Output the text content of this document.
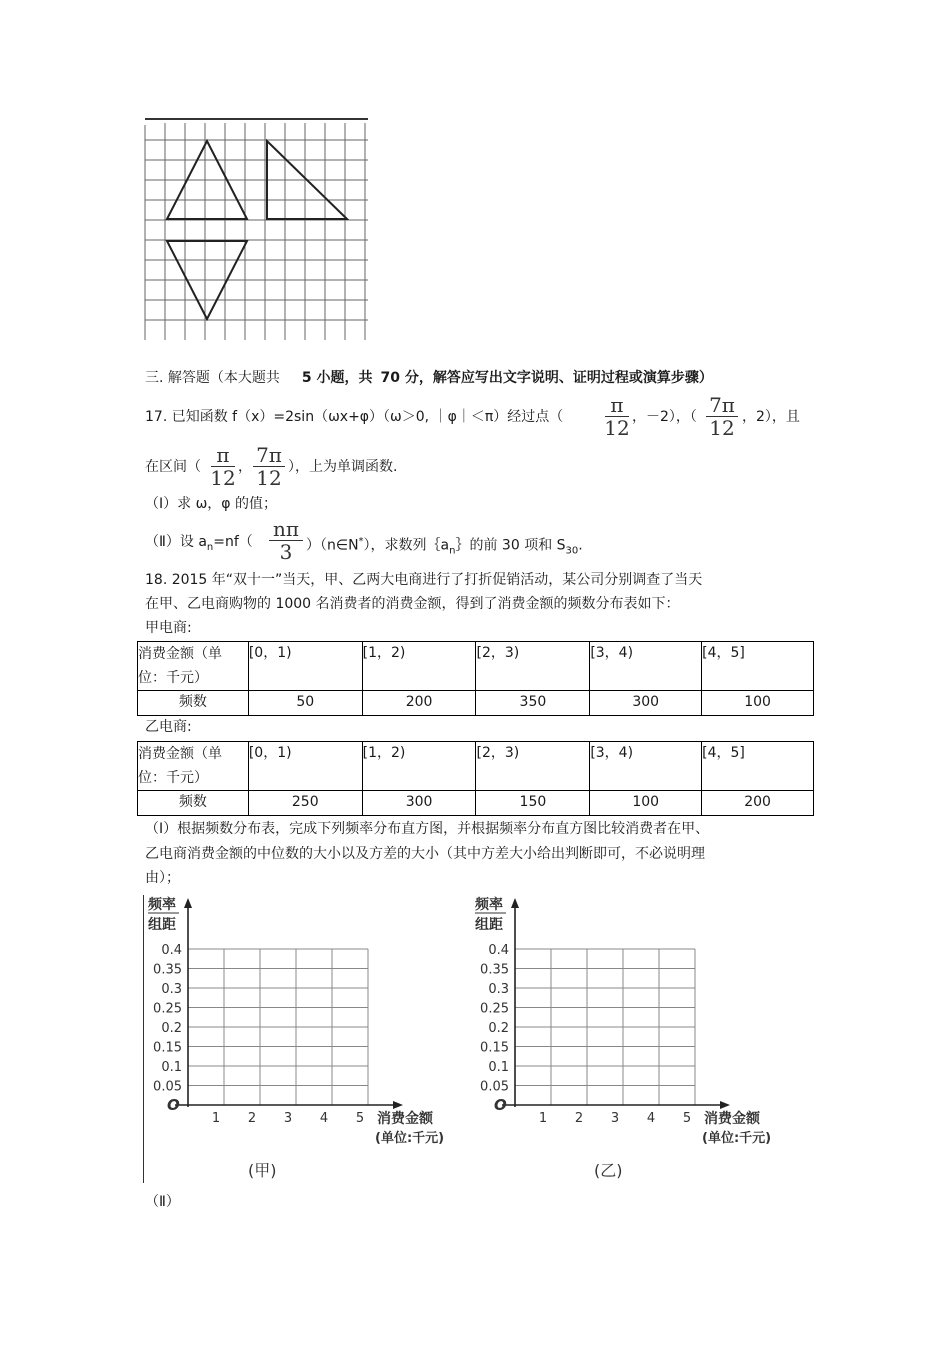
三. 解答题（本大题共 5 小题，共 70 分，解答应写出文字说明、证明过程或演算步骤）
17. 已知函数 f（x）=2sin（ωx+φ）（ω＞0, ｜φ｜＜π）经过点（	π
12 ，－2），（ 7π
12 ，2），且
在区间（ π
12 ， 7π
12 ），上为单调函数.
（Ⅰ）求 ω，φ 的值；
（Ⅱ）设 $a_n=nf$（
nπ
3 ）（n∈N*），求数列$\{a_n\}$的前 30 项和 $S_{30}$.
18. 2015 年“双十一”当天，甲、乙两大电商进行了打折促销活动，某公司分别调查了当天
在甲、乙电商购物的 1000 名消费者的消费金额，得到了消费金额的频数分布表如下：
甲电商:
消费金额（单位：千元）	[0，1)	[1，2)	[2，3)	[3，4)	[4，5]
频数	50	200	350	300	100
乙电商:
消费金额（单位：千元）	[0，1)	[1，2)	[2，3)	[3，4)	[4，5]
频数	250	300	150	100	200
（Ⅰ）根据频数分布表，完成下列频率分布直方图，并根据频率分布直方图比较消费者在甲、
乙电商消费金额的中位数的大小以及方差的大小（其中方差大小给出判断即可，不必说明理
由）；
频率
组距
0.4
0.35
0.3
0.25
0.2
0.15
0.1
0.05
1 2 3 4 5
O
消费金额
(单位:千元)
(甲)
频率
组距
0.4
0.35
0.3
0.25
0.2
0.15
0.1
0.05
1 2 3 4 5
O
消费金额
(单位:千元)
(乙)
（Ⅱ）
